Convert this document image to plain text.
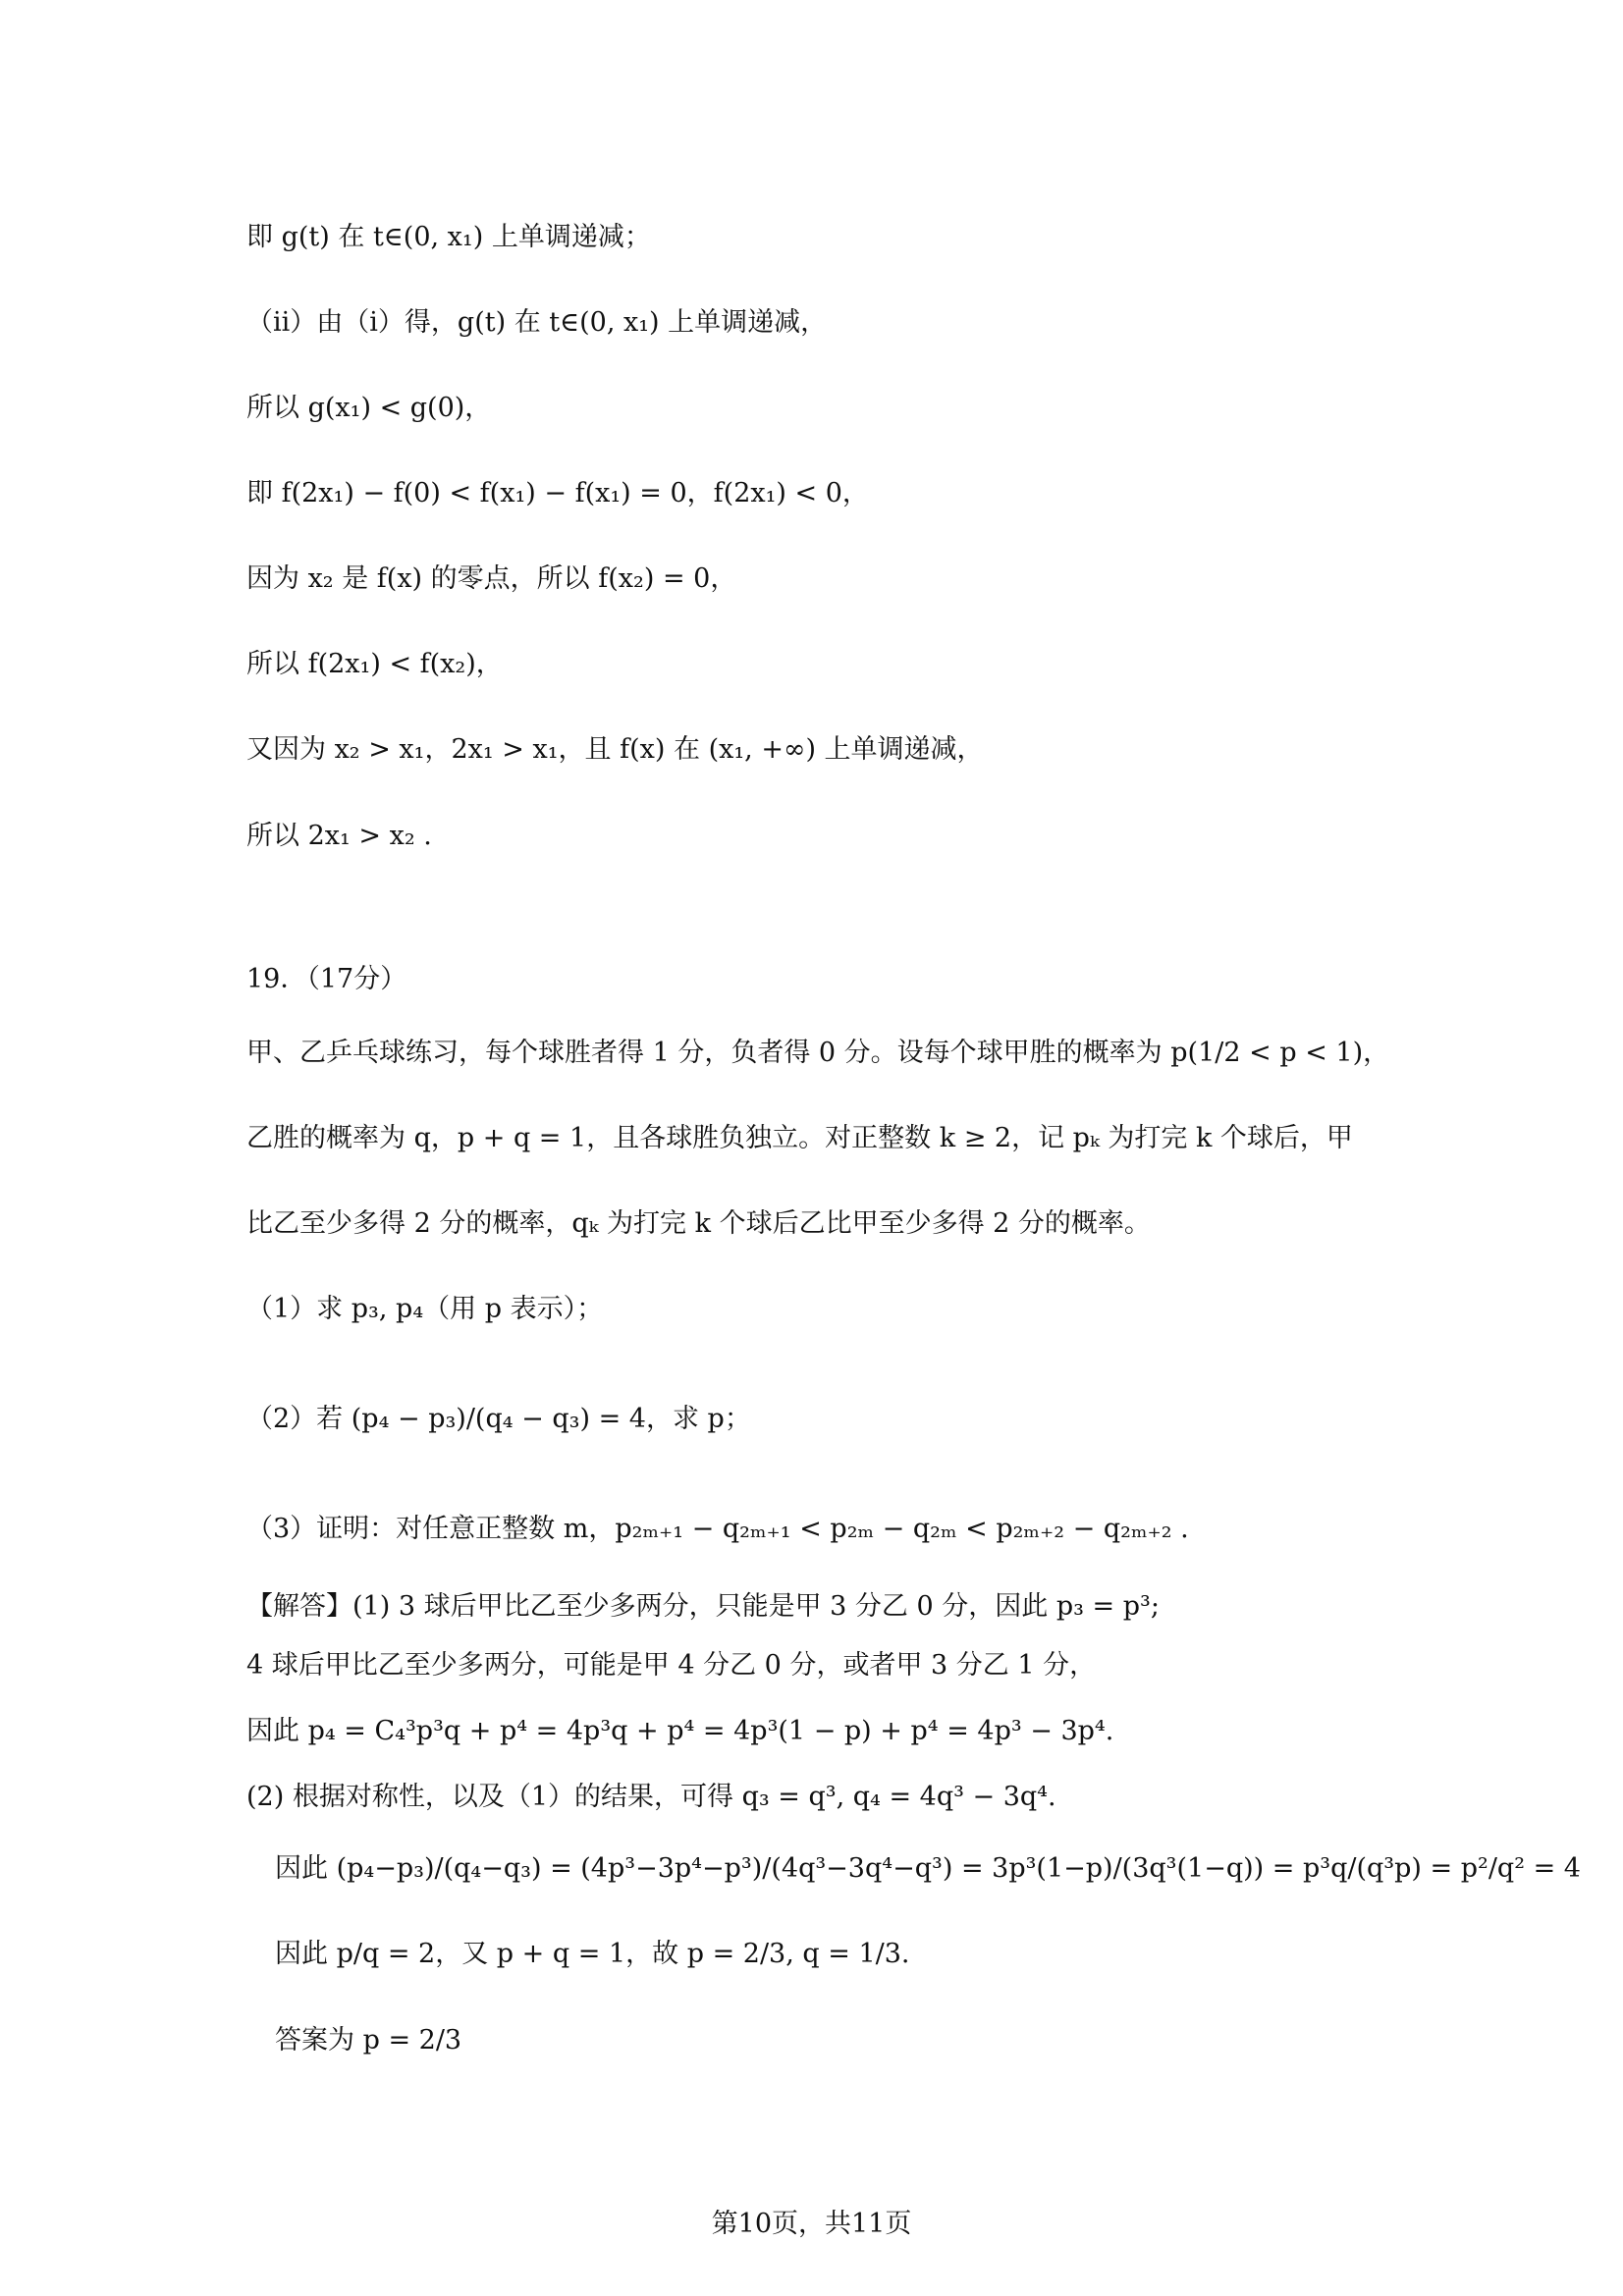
即 g(t) 在 t∈(0, x₁) 上单调递减；
（ii）由（i）得，g(t) 在 t∈(0, x₁) 上单调递减，
所以 g(x₁) < g(0)，
即 f(2x₁) − f(0) < f(x₁) − f(x₁) = 0，f(2x₁) < 0，
因为 x₂ 是 f(x) 的零点，所以 f(x₂) = 0，
所以 f(2x₁) < f(x₂)，
又因为 x₂ > x₁，2x₁ > x₁，且 f(x) 在 (x₁, +∞) 上单调递减，
所以 2x₁ > x₂ .
19．（17分）
甲、乙乒乓球练习，每个球胜者得 1 分，负者得 0 分。设每个球甲胜的概率为 p(1/2 < p < 1)，
乙胜的概率为 q，p + q = 1，且各球胜负独立。对正整数 k ≥ 2，记 pₖ 为打完 k 个球后，甲
比乙至少多得 2 分的概率，qₖ 为打完 k 个球后乙比甲至少多得 2 分的概率。
（1）求 p₃, p₄（用 p 表示）；
（2）若 (p₄ − p₃)/(q₄ − q₃) = 4，求 p；
（3）证明：对任意正整数 m，p₂ₘ₊₁ − q₂ₘ₊₁ < p₂ₘ − q₂ₘ < p₂ₘ₊₂ − q₂ₘ₊₂ .
【解答】(1) 3 球后甲比乙至少多两分，只能是甲 3 分乙 0 分，因此 p₃ = p³;
4 球后甲比乙至少多两分，可能是甲 4 分乙 0 分，或者甲 3 分乙 1 分，
因此 p₄ = C₄³p³q + p⁴ = 4p³q + p⁴ = 4p³(1 − p) + p⁴ = 4p³ − 3p⁴.
(2) 根据对称性，以及（1）的结果，可得 q₃ = q³, q₄ = 4q³ − 3q⁴.
因此 (p₄−p₃)/(q₄−q₃) = (4p³−3p⁴−p³)/(4q³−3q⁴−q³) = 3p³(1−p)/(3q³(1−q)) = p³q/(q³p) = p²/q² = 4
因此 p/q = 2，又 p + q = 1，故 p = 2/3, q = 1/3.
答案为 p = 2/3
第10页，共11页
